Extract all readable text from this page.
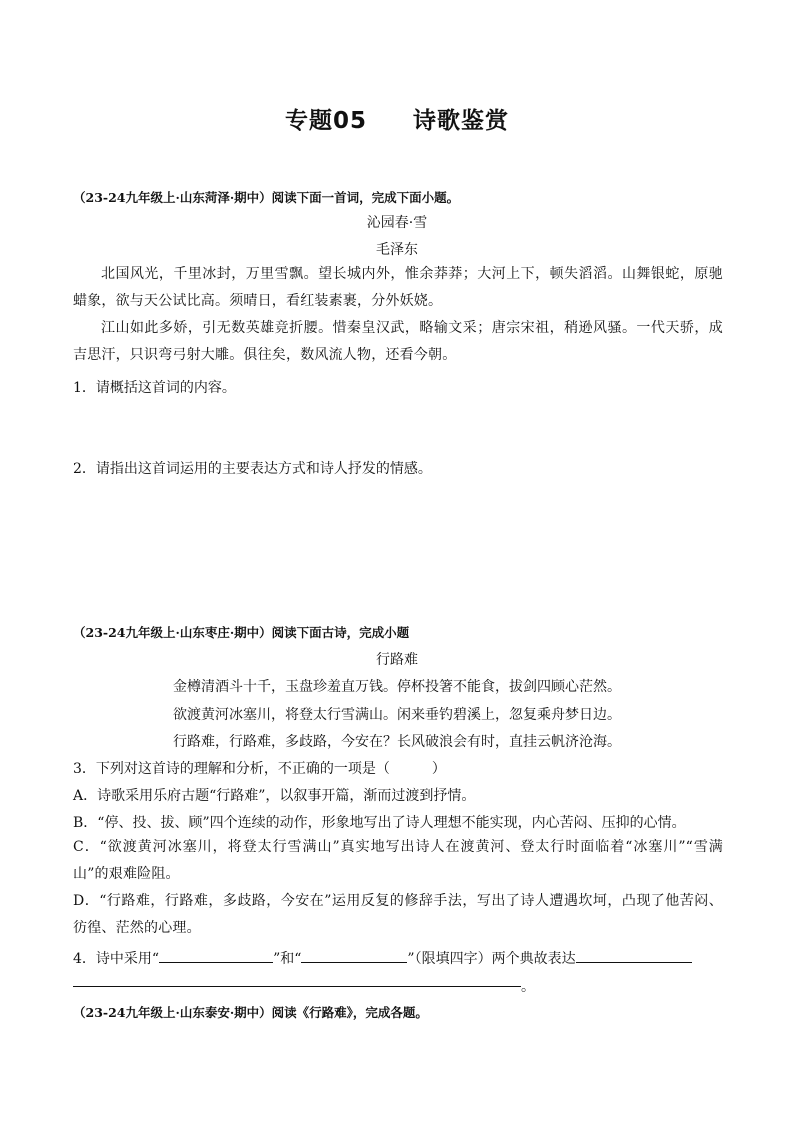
专题05 诗歌鉴赏
（23-24九年级上·山东菏泽·期中）阅读下面一首词，完成下面小题。
沁园春·雪
毛泽东
北国风光，千里冰封，万里雪飘。望长城内外，惟余莽莽；大河上下，顿失滔滔。山舞银蛇，原驰蜡象，欲与天公试比高。须晴日，看红装素裹，分外妖娆。
江山如此多娇，引无数英雄竞折腰。惜秦皇汉武，略输文采；唐宗宋祖，稍逊风骚。一代天骄，成吉思汗，只识弯弓射大雕。俱往矣，数风流人物，还看今朝。
1．请概括这首词的内容。
2．请指出这首词运用的主要表达方式和诗人抒发的情感。
（23-24九年级上·山东枣庄·期中）阅读下面古诗，完成小题
行路难
金樽清酒斗十千，玉盘珍羞直万钱。停杯投箸不能食，拔剑四顾心茫然。
欲渡黄河冰塞川，将登太行雪满山。闲来垂钓碧溪上，忽复乘舟梦日边。
行路难，行路难，多歧路，今安在？长风破浪会有时，直挂云帆济沧海。
3．下列对这首诗的理解和分析，不正确的一项是（　　　）
A．诗歌采用乐府古题“行路难”，以叙事开篇，渐而过渡到抒情。
B．“停、投、拔、顾”四个连续的动作，形象地写出了诗人理想不能实现，内心苦闷、压抑的心情。
C．“欲渡黄河冰塞川，将登太行雪满山”真实地写出诗人在渡黄河、登太行时面临着“冰塞川”“雪满山”的艰难险阻。
D．“行路难，行路难，多歧路，今安在”运用反复的修辞手法，写出了诗人遭遇坎坷，凸现了他苦闷、彷徨、茫然的心理。
4．诗中采用“	”和“	”（限填四字）两个典故表达
。
（23-24九年级上·山东泰安·期中）阅读《行路难》，完成各题。
